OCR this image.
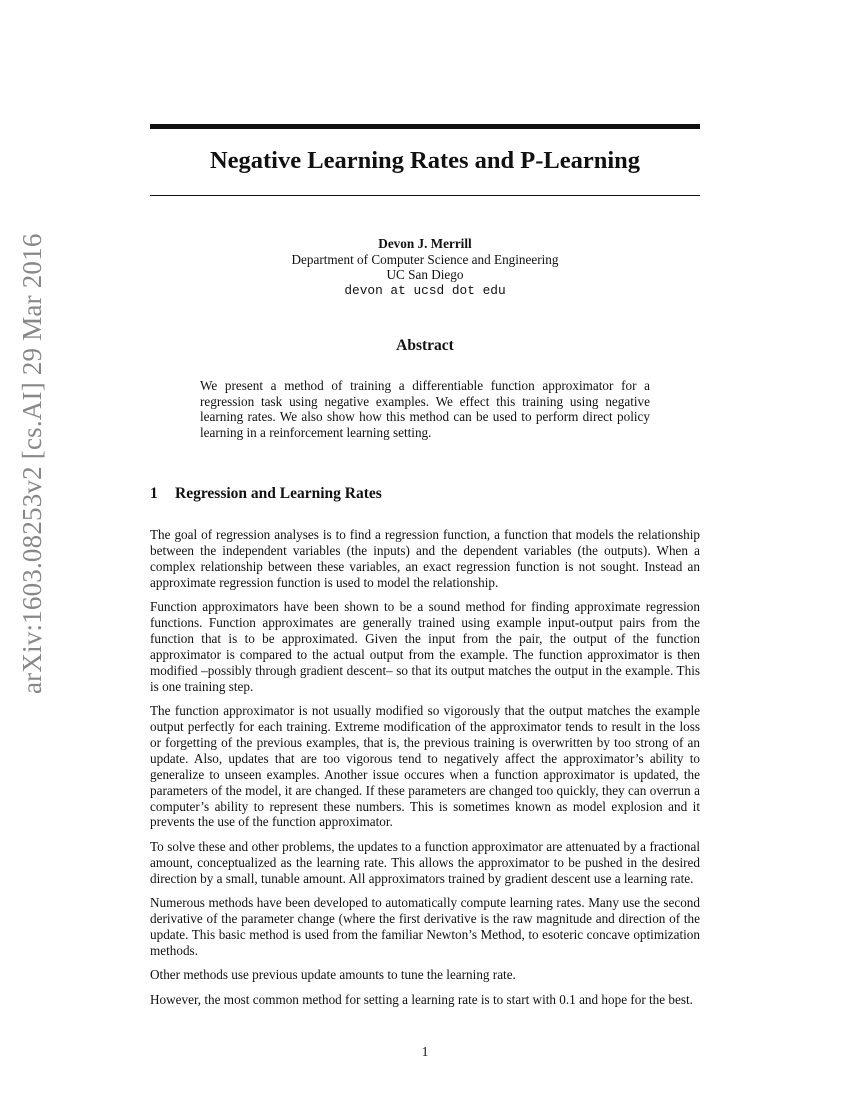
arXiv:1603.08253v2 [cs.AI] 29 Mar 2016
Negative Learning Rates and P-Learning
Devon J. Merrill
Department of Computer Science and Engineering
UC San Diego
devon at ucsd dot edu
Abstract

We present a method of training a differentiable function approximator for a regression task using negative examples. We effect this training using negative learning rates. We also show how this method can be used to perform direct policy learning in a reinforcement learning setting.

1 Regression and Learning Rates

The goal of regression analyses is to find a regression function, a function that models the relationship between the independent variables (the inputs) and the dependent variables (the outputs). When a complex relationship between these variables, an exact regression function is not sought. Instead an approximate regression function is used to model the relationship.

Function approximators have been shown to be a sound method for finding approximate regression functions. Function approximates are generally trained using example input-output pairs from the function that is to be approximated. Given the input from the pair, the output of the function approximator is compared to the actual output from the example. The function approximator is then modified –possibly through gradient descent– so that its output matches the output in the example. This is one training step.

The function approximator is not usually modified so vigorously that the output matches the example output perfectly for each training. Extreme modification of the approximator tends to result in the loss or forgetting of the previous examples, that is, the previous training is overwritten by too strong of an update. Also, updates that are too vigorous tend to negatively affect the approximator’s ability to generalize to unseen examples. Another issue occures when a function approximator is updated, the parameters of the model, it are changed. If these parameters are changed too quickly, they can overrun a computer’s ability to represent these numbers. This is sometimes known as model explosion and it prevents the use of the function approximator.

To solve these and other problems, the updates to a function approximator are attenuated by a fractional amount, conceptualized as the learning rate. This allows the approximator to be pushed in the desired direction by a small, tunable amount. All approximators trained by gradient descent use a learning rate.

Numerous methods have been developed to automatically compute learning rates. Many use the second derivative of the parameter change (where the first derivative is the raw magnitude and direction of the update. This basic method is used from the familiar Newton’s Method, to esoteric concave optimization methods.

Other methods use previous update amounts to tune the learning rate.

However, the most common method for setting a learning rate is to start with 0.1 and hope for the best.

1
